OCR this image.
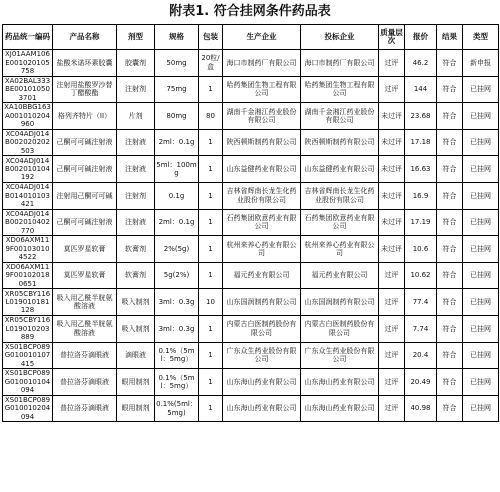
附表1. 符合挂网条件药品表
药品统一编码	产品名称	剂型	规格	包装	生产企业	投标企业	质量层次	报价	结果	类型
XJ01AAM106E001020105758	盐酸米诺环素胶囊	胶囊剂	50mg	20粒/盒	海口市制药厂有限公司	海口市制药厂有限公司	过评	46.2	符合	新申报
XA02BAL333BE001010503701	注射用盐酸罗沙替丁醋酸酯	注射剂	75mg	1	哈药集团生物工程有限公司	哈药集团生物工程有限公司	过评	144	符合	已挂网
XA10BBG163A001010204960	格列齐特片（II）	片剂	80mg	80	湖南千金湘江药业股份有限公司	湖南千金湘江药业股份有限公司	未过评	23.68	符合	已挂网
XC04ADJ014B002020202503	己酮可可碱注射液	注射液	2ml：0.1g	1	陕西顿斯制药有限公司	陕西顿斯制药有限公司	未过评	17.18	符合	已挂网
XC04ADJ014B002010104192	己酮可可碱注射液	注射液	5ml：100mg	1	山东益健药业有限公司	山东益健药业有限公司	未过评	16.63	符合	已挂网
XC04ADJ014B014010103421	注射用己酮可可碱	注射剂	0.1g	1	吉林省辉南长龙生化药业股份有限公司	吉林省辉南长龙生化药业股份有限公司	未过评	16.9	符合	已挂网
XC04ADJ014B002010402770	己酮可可碱注射液	注射液	2ml：0.1g	1	石药集团欧意药业有限公司	石药集团欧意药业有限公司	未过评	17.19	符合	已挂网
XD06AXM119F001030104522	莫匹罗星软膏	软膏剂	2%(5g)	1	杭州来养心药业有限公司	杭州来养心药业有限公司	未过评	10.6	符合	已挂网
XD06AXM119F001020180651	莫匹罗星软膏	软膏剂	5g(2%)	1	福元药业有限公司	福元药业有限公司	过评	10.62	符合	已挂网
XR05CBY116L019010181128	吸入用乙酰半胱氨酸溶液	吸入制剂	3ml：0.3g	10	山东国润制药有限公司	山东国润制药有限公司	过评	77.4	符合	已挂网
XR05CBY116L019010203889	吸入用乙酰半胱氨酸溶液	吸入制剂	3ml：0.3g	1	内蒙古白医制药股份有限公司	内蒙古白医制药股份有限公司	过评	7.74	符合	已挂网
XS01BCP089G010010107415	普拉洛芬滴眼液	滴眼液	0.1%（5ml：5mg）	1	广东众生药业股份有限公司	广东众生药业股份有限公司	过评	20.4	符合	已挂网
XS01BCP089G010010104094	普拉洛芬滴眼液	眼用制剂	0.1%（5ml：5mg）	1	山东海山药业有限公司	山东海山药业有限公司	过评	20.49	符合	已挂网
XS01BCP089G010010204094	普拉洛芬滴眼液	眼用制剂	0.1%(5ml：5mg)	1	山东海山药业有限公司	山东海山药业有限公司	过评	40.98	符合	已挂网
